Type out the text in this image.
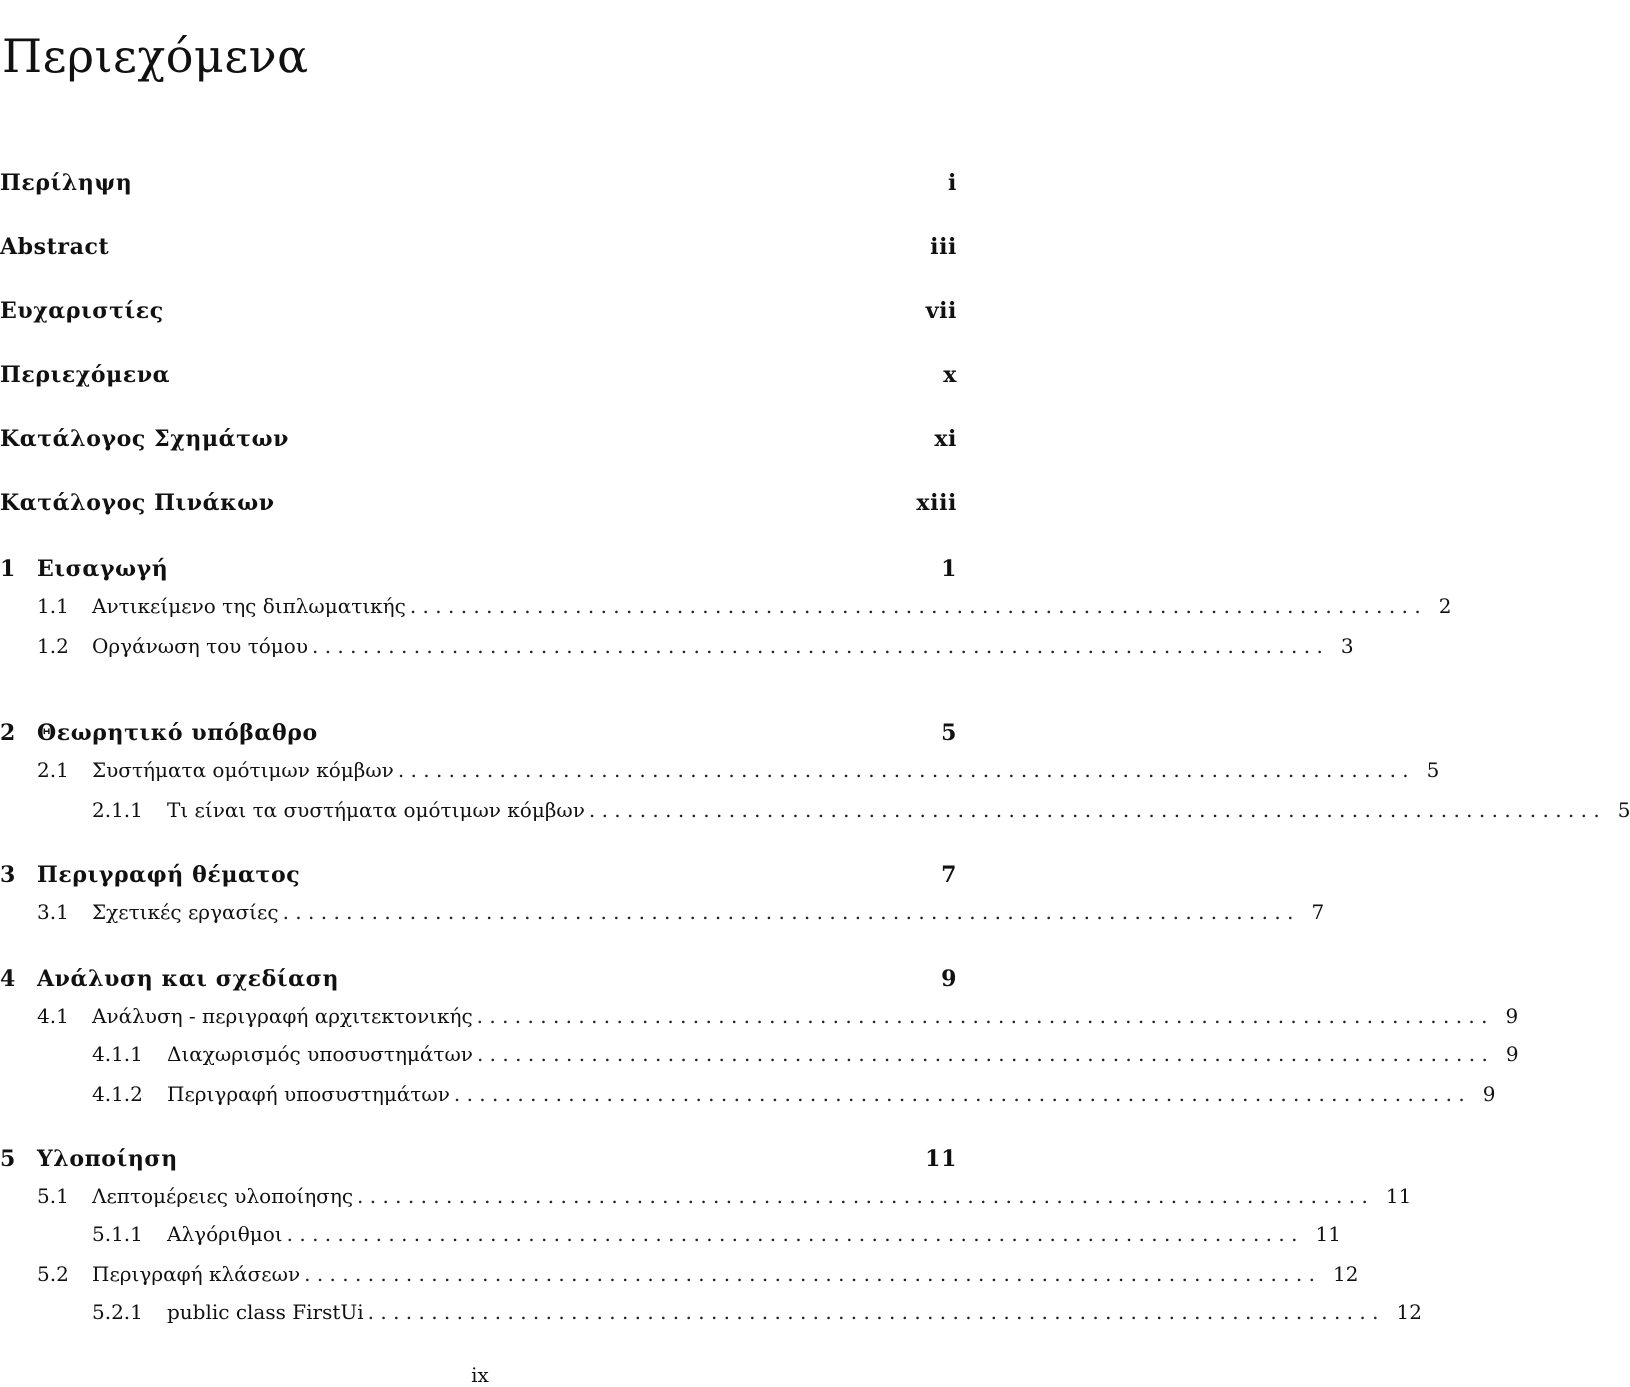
Περιεχόμενα
Περίληψη	i
Abstract	iii
Ευχαριστίες	vii
Περιεχόμενα	x
Κατάλογος Σχημάτων	xi
Κατάλογος Πινάκων	xiii
1 Εισαγωγή	1
1.1	Αντικείμενο της διπλωματικής . . . . . . . . . . . . . . . . . . . . . . . . . . . . . . . . . . . . . . . . . . . . . . . . . . . . . . . . . . . . . . . . . . . . . . . . . . . . . . . . 2
1.2	Οργάνωση του τόμου . . . . . . . . . . . . . . . . . . . . . . . . . . . . . . . . . . . . . . . . . . . . . . . . . . . . . . . . . . . . . . . . . . . . . . . . . . . . . . . . 3
2 Θεωρητικό υπόβαθρο	5
2.1	Συστήματα ομότιμων κόμβων . . . . . . . . . . . . . . . . . . . . . . . . . . . . . . . . . . . . . . . . . . . . . . . . . . . . . . . . . . . . . . . . . . . . . . . . . . . . . . . . 5
2.1.1	Τι είναι τα συστήματα ομότιμων κόμβων . . . . . . . . . . . . . . . . . . . . . . . . . . . . . . . . . . . . . . . . . . . . . . . . . . . . . . . . . . . . . . . . . . . . . . . . . . . . . . . . 5
3 Περιγραφή θέματος	7
3.1	Σχετικές εργασίες . . . . . . . . . . . . . . . . . . . . . . . . . . . . . . . . . . . . . . . . . . . . . . . . . . . . . . . . . . . . . . . . . . . . . . . . . . . . . . . . 7
4 Ανάλυση και σχεδίαση	9
4.1	Ανάλυση - περιγραφή αρχιτεκτονικής . . . . . . . . . . . . . . . . . . . . . . . . . . . . . . . . . . . . . . . . . . . . . . . . . . . . . . . . . . . . . . . . . . . . . . . . . . . . . . . . 9
4.1.1	Διαχωρισμός υποσυστημάτων . . . . . . . . . . . . . . . . . . . . . . . . . . . . . . . . . . . . . . . . . . . . . . . . . . . . . . . . . . . . . . . . . . . . . . . . . . . . . . . . 9
4.1.2	Περιγραφή υποσυστημάτων . . . . . . . . . . . . . . . . . . . . . . . . . . . . . . . . . . . . . . . . . . . . . . . . . . . . . . . . . . . . . . . . . . . . . . . . . . . . . . . . 9
5 Υλοποίηση	11
5.1	Λεπτομέρειες υλοποίησης . . . . . . . . . . . . . . . . . . . . . . . . . . . . . . . . . . . . . . . . . . . . . . . . . . . . . . . . . . . . . . . . . . . . . . . . . . . . . . . . 11
5.1.1	Αλγόριθμοι . . . . . . . . . . . . . . . . . . . . . . . . . . . . . . . . . . . . . . . . . . . . . . . . . . . . . . . . . . . . . . . . . . . . . . . . . . . . . . . . 11
5.2	Περιγραφή κλάσεων . . . . . . . . . . . . . . . . . . . . . . . . . . . . . . . . . . . . . . . . . . . . . . . . . . . . . . . . . . . . . . . . . . . . . . . . . . . . . . . . 12
5.2.1	public class FirstUi . . . . . . . . . . . . . . . . . . . . . . . . . . . . . . . . . . . . . . . . . . . . . . . . . . . . . . . . . . . . . . . . . . . . . . . . . . . . . . . . 12
ix
